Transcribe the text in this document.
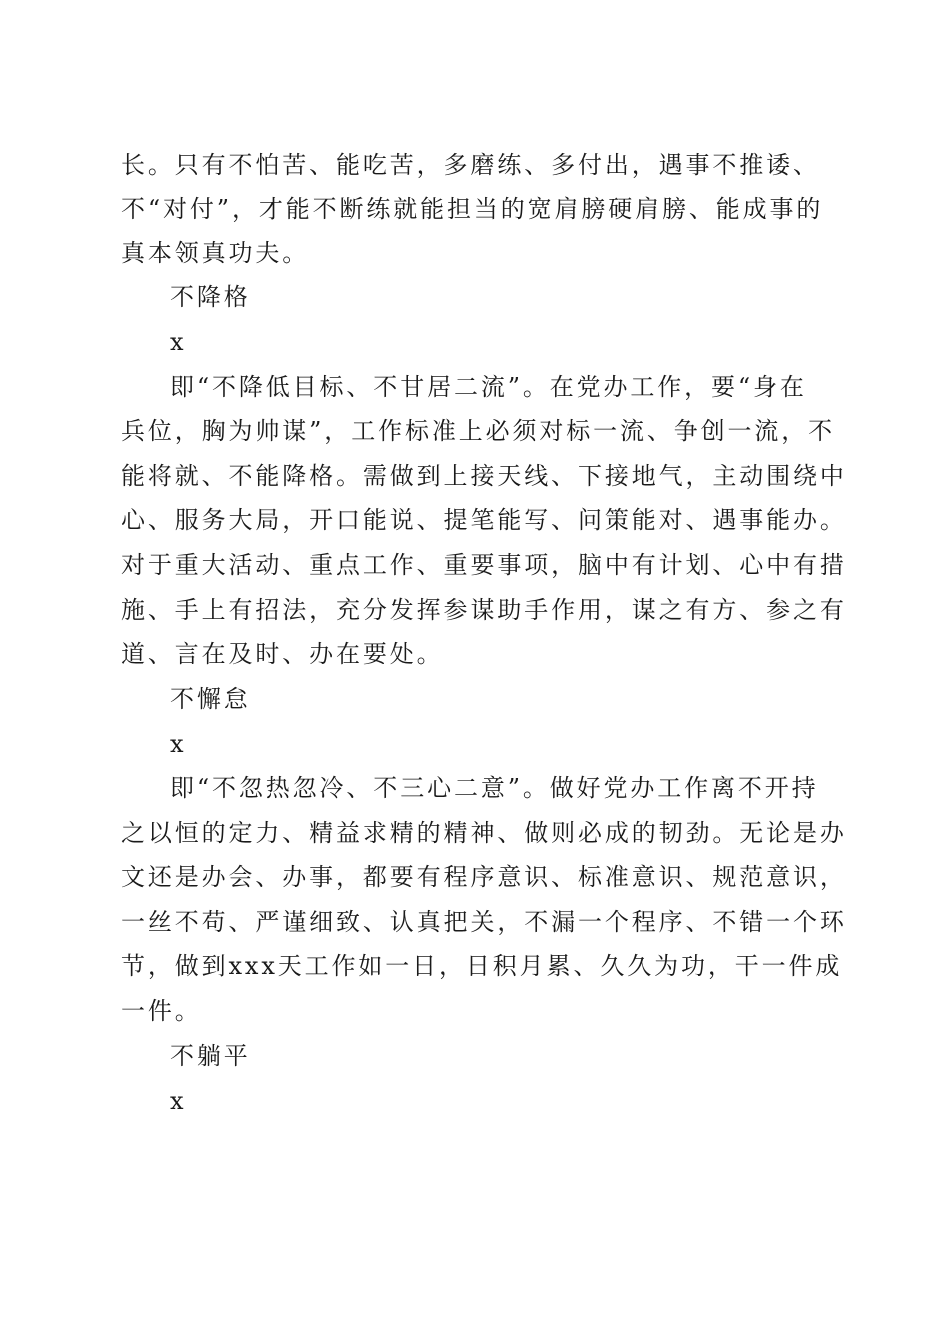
长。只有不怕苦、能吃苦，多磨练、多付出，遇事不推诿、
不“对付”，才能不断练就能担当的宽肩膀硬肩膀、能成事的
真本领真功夫。
不降格
x
即“不降低目标、不甘居二流”。在党办工作，要“身在
兵位，胸为帅谋”，工作标准上必须对标一流、争创一流，不
能将就、不能降格。需做到上接天线、下接地气，主动围绕中
心、服务大局，开口能说、提笔能写、问策能对、遇事能办。
对于重大活动、重点工作、重要事项，脑中有计划、心中有措
施、手上有招法，充分发挥参谋助手作用，谋之有方、参之有
道、言在及时、办在要处。
不懈怠
x
即“不忽热忽冷、不三心二意”。做好党办工作离不开持
之以恒的定力、精益求精的精神、做则必成的韧劲。无论是办
文还是办会、办事，都要有程序意识、标准意识、规范意识，
一丝不苟、严谨细致、认真把关，不漏一个程序、不错一个环
节，做到xxx天工作如一日，日积月累、久久为功，干一件成
一件。
不躺平
x
